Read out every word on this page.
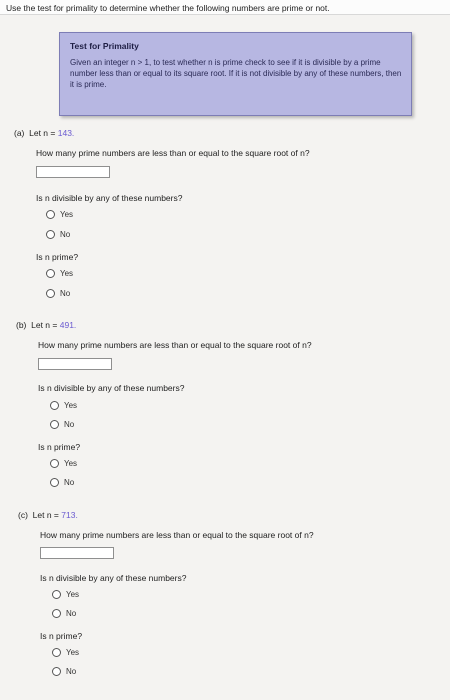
Use the test for primality to determine whether the following numbers are prime or not.
Test for Primality
Given an integer n > 1, to test whether n is prime check to see if it is divisible by a prime number less than or equal to its square root. If it is not divisible by any of these numbers, then it is prime.
(a) Let n = 143.
How many prime numbers are less than or equal to the square root of n?
Is n divisible by any of these numbers?
Yes
No
Is n prime?
Yes
No
(b) Let n = 491.
How many prime numbers are less than or equal to the square root of n?
Is n divisible by any of these numbers?
Yes
No
Is n prime?
Yes
No
(c) Let n = 713.
How many prime numbers are less than or equal to the square root of n?
Is n divisible by any of these numbers?
Yes
No
Is n prime?
Yes
No
